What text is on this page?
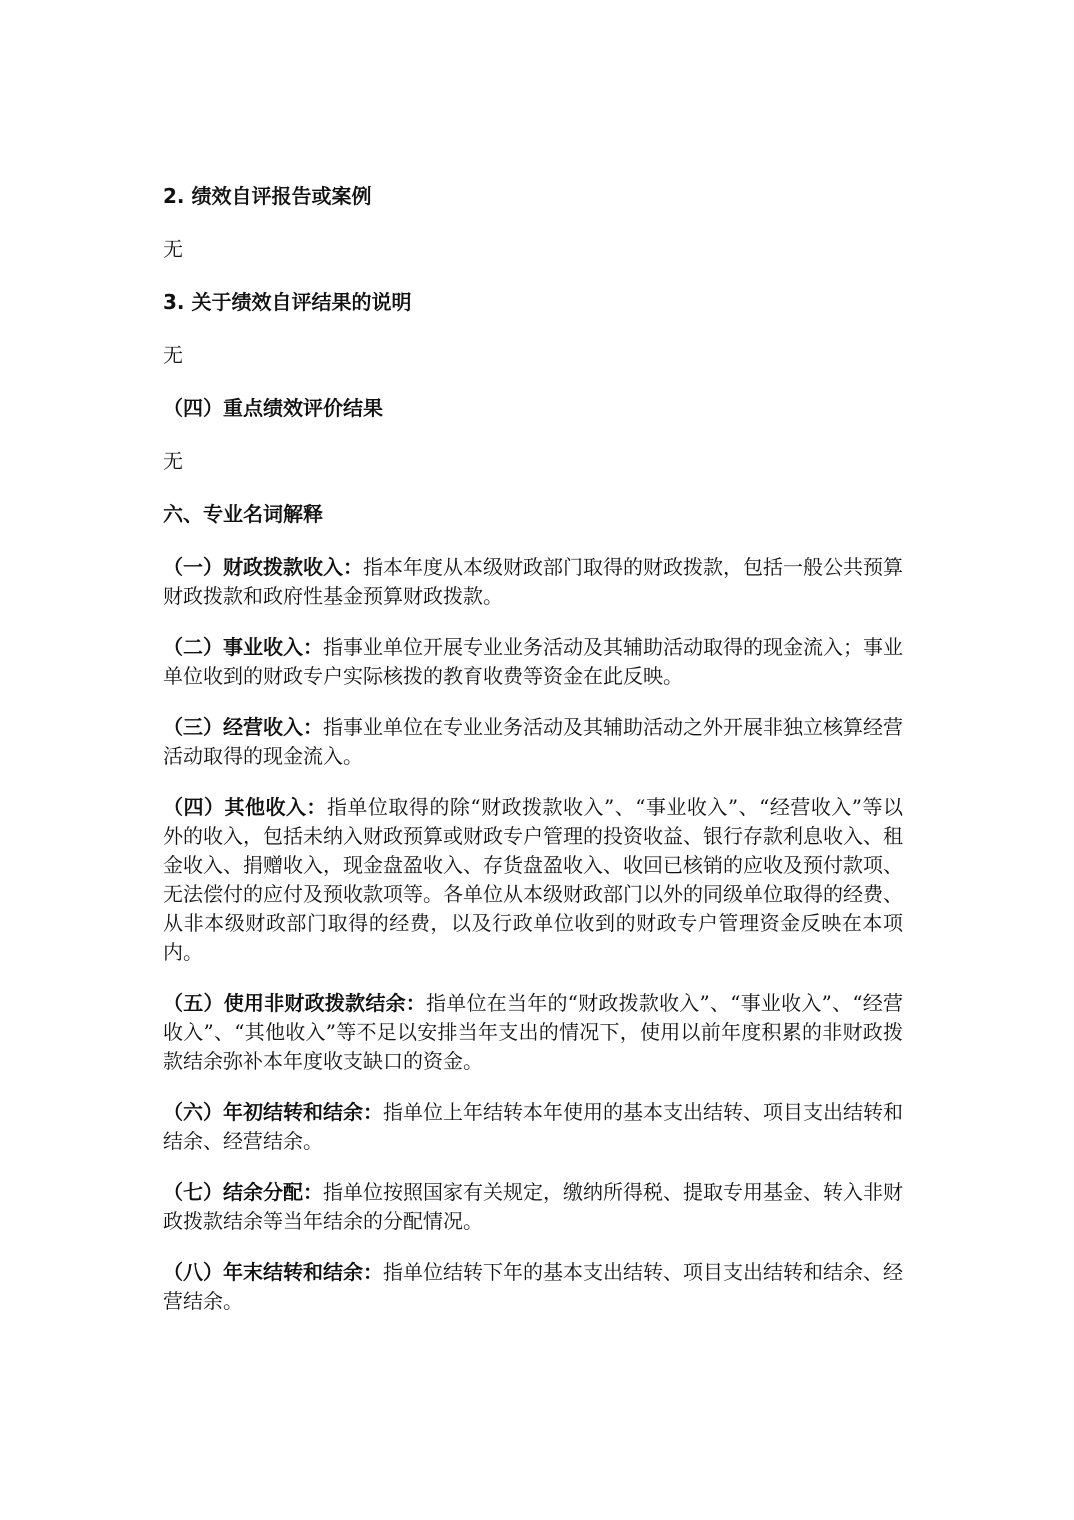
2. 绩效自评报告或案例

无

3. 关于绩效自评结果的说明

无

（四）重点绩效评价结果

无

六、专业名词解释

（一）财政拨款收入：指本年度从本级财政部门取得的财政拨款，包括一般公共预算财政拨款和政府性基金预算财政拨款。

（二）事业收入：指事业单位开展专业业务活动及其辅助活动取得的现金流入；事业单位收到的财政专户实际核拨的教育收费等资金在此反映。

（三）经营收入：指事业单位在专业业务活动及其辅助活动之外开展非独立核算经营活动取得的现金流入。

（四）其他收入：指单位取得的除“财政拨款收入”、“事业收入”、“经营收入”等以外的收入，包括未纳入财政预算或财政专户管理的投资收益、银行存款利息收入、租金收入、捐赠收入，现金盘盈收入、存货盘盈收入、收回已核销的应收及预付款项、无法偿付的应付及预收款项等。各单位从本级财政部门以外的同级单位取得的经费、从非本级财政部门取得的经费，以及行政单位收到的财政专户管理资金反映在本项内。

（五）使用非财政拨款结余：指单位在当年的“财政拨款收入”、“事业收入”、“经营收入”、“其他收入”等不足以安排当年支出的情况下，使用以前年度积累的非财政拨款结余弥补本年度收支缺口的资金。

（六）年初结转和结余：指单位上年结转本年使用的基本支出结转、项目支出结转和结余、经营结余。

（七）结余分配：指单位按照国家有关规定，缴纳所得税、提取专用基金、转入非财政拨款结余等当年结余的分配情况。

（八）年末结转和结余：指单位结转下年的基本支出结转、项目支出结转和结余、经营结余。
